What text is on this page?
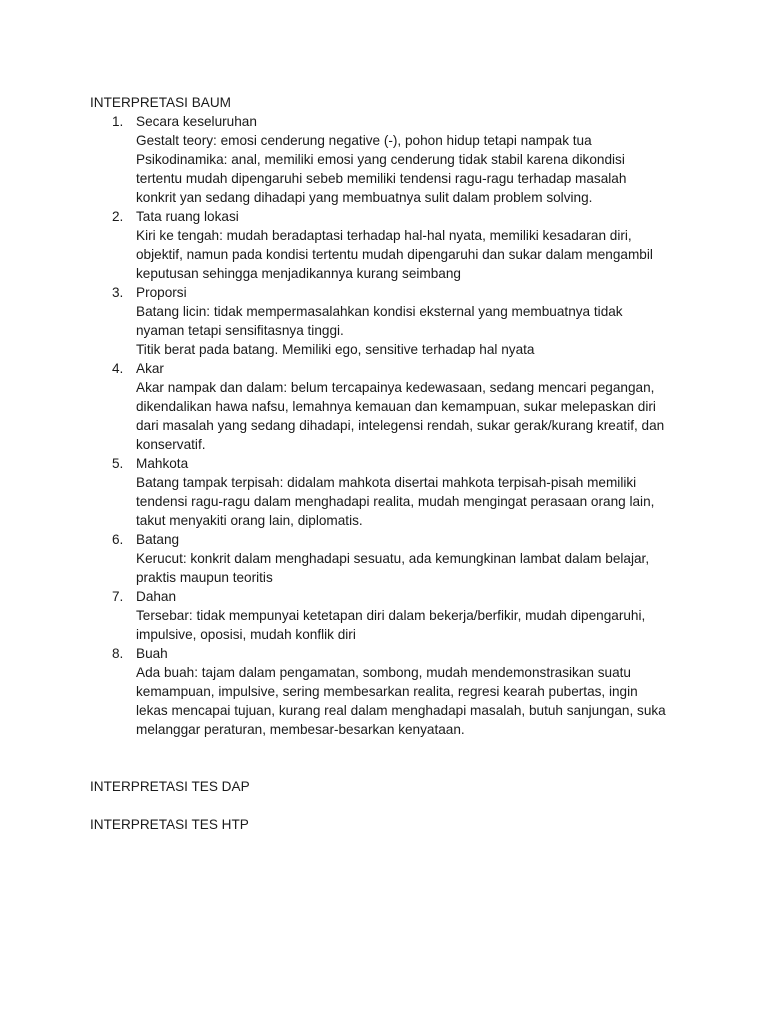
INTERPRETASI BAUM
1. Secara keseluruhan
Gestalt teory: emosi cenderung negative (-), pohon hidup tetapi nampak tua
Psikodinamika: anal, memiliki emosi yang cenderung tidak stabil karena dikondisi
tertentu mudah dipengaruhi sebeb memiliki tendensi ragu-ragu terhadap masalah
konkrit yan sedang dihadapi yang membuatnya sulit dalam problem solving.
2. Tata ruang lokasi
Kiri ke tengah: mudah beradaptasi terhadap hal-hal nyata, memiliki kesadaran diri,
objektif, namun pada kondisi tertentu mudah dipengaruhi dan sukar dalam mengambil
keputusan sehingga menjadikannya kurang seimbang
3. Proporsi
Batang licin: tidak mempermasalahkan kondisi eksternal yang membuatnya tidak
nyaman tetapi sensifitasnya tinggi.
Titik berat pada batang. Memiliki ego, sensitive terhadap hal nyata
4. Akar
Akar nampak dan dalam: belum tercapainya kedewasaan, sedang mencari pegangan,
dikendalikan hawa nafsu, lemahnya kemauan dan kemampuan, sukar melepaskan diri
dari masalah yang sedang dihadapi, intelegensi rendah, sukar gerak/kurang kreatif, dan
konservatif.
5. Mahkota
Batang tampak terpisah: didalam mahkota disertai mahkota terpisah-pisah memiliki
tendensi ragu-ragu dalam menghadapi realita, mudah mengingat perasaan orang lain,
takut menyakiti orang lain, diplomatis.
6. Batang
Kerucut: konkrit dalam menghadapi sesuatu, ada kemungkinan lambat dalam belajar,
praktis maupun teoritis
7. Dahan
Tersebar: tidak mempunyai ketetapan diri dalam bekerja/berfikir, mudah dipengaruhi,
impulsive, oposisi, mudah konflik diri
8. Buah
Ada buah: tajam dalam pengamatan, sombong, mudah mendemonstrasikan suatu
kemampuan, impulsive, sering membesarkan realita, regresi kearah pubertas, ingin
lekas mencapai tujuan, kurang real dalam menghadapi masalah, butuh sanjungan, suka
melanggar peraturan, membesar-besarkan kenyataan.
INTERPRETASI TES DAP
INTERPRETASI TES HTP
